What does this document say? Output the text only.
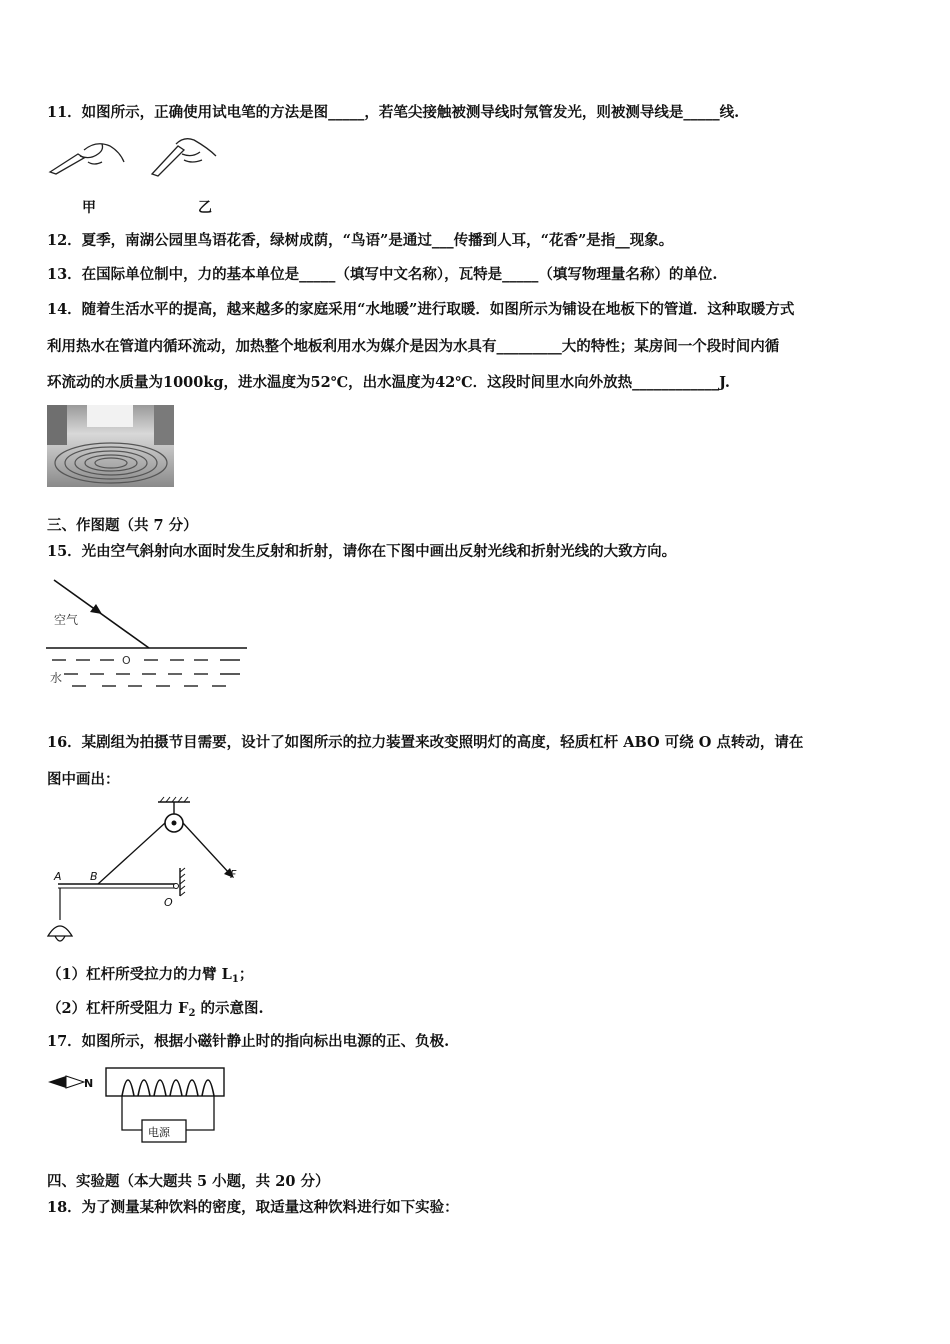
11．如图所示，正确使用试电笔的方法是图_____，若笔尖接触被测导线时氖管发光，则被测导线是_____线.
甲	乙
12．夏季，南湖公园里鸟语花香，绿树成荫，“鸟语”是通过___传播到人耳，“花香”是指__现象。
13．在国际单位制中，力的基本单位是_____（填写中文名称），瓦特是_____（填写物理量名称）的单位.
14．随着生活水平的提高，越来越多的家庭采用“水地暖”进行取暖．如图所示为铺设在地板下的管道．这种取暖方式
利用热水在管道内循环流动，加热整个地板利用水为媒介是因为水具有_________大的特性；某房间一个段时间内循
环流动的水质量为1000kg，进水温度为52℃，出水温度为42℃．这段时间里水向外放热____________J.
三、作图题（共 7 分）
15．光由空气斜射向水面时发生反射和折射，请你在下图中画出反射光线和折射光线的大致方向。
空气
O
水
16．某剧组为拍摄节目需要，设计了如图所示的拉力装置来改变照明灯的高度，轻质杠杆 ABO 可绕 O 点转动，请在
图中画出：
F
A	B
O
（1）杠杆所受拉力的力臂 $L_1$；
（2）杠杆所受阻力 $F_2$ 的示意图.
17．如图所示，根据小磁针静止时的指向标出电源的正、负极.
N
电源
四、实验题（本大题共 5 小题，共 20 分）
18．为了测量某种饮料的密度，取适量这种饮料进行如下实验：
